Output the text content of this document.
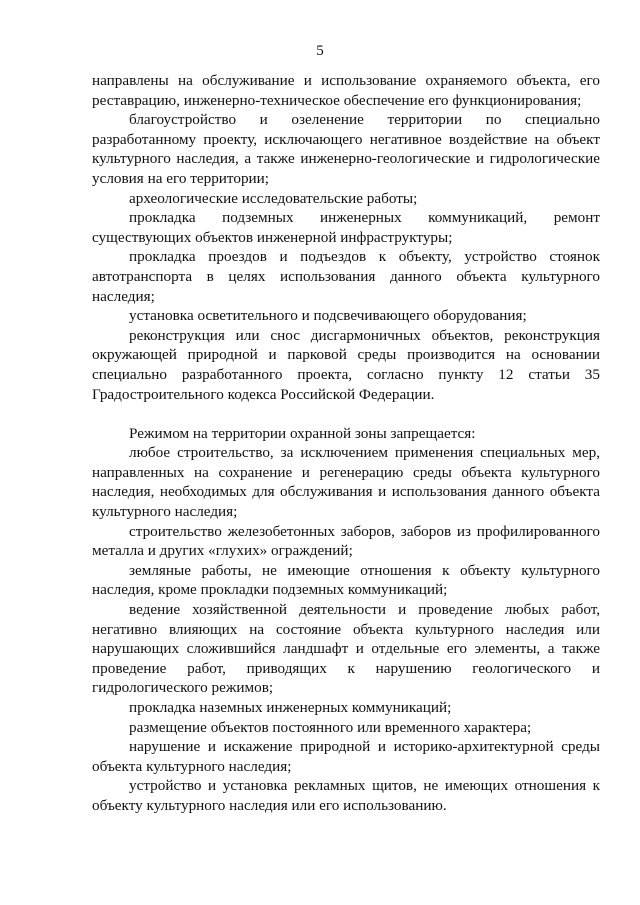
5
направлены на обслуживание и использование охраняемого объекта, его
реставрацию, инженерно-техническое обеспечение его функционирования;
благоустройство и озеленение территории по специально
разработанному проекту, исключающего негативное воздействие на объект
культурного наследия, а также инженерно-геологические и гидрологические
условия на его территории;
археологические исследовательские работы;
прокладка подземных инженерных коммуникаций, ремонт
существующих объектов инженерной инфраструктуры;
прокладка проездов и подъездов к объекту, устройство стоянок
автотранспорта в целях использования данного объекта культурного
наследия;
установка осветительного и подсвечивающего оборудования;
реконструкция или снос дисгармоничных объектов, реконструкция
окружающей природной и парковой среды производится на основании
специально разработанного проекта, согласно пункту 12 статьи 35
Градостроительного кодекса Российской Федерации.
Режимом на территории охранной зоны запрещается:
любое строительство, за исключением применения специальных мер,
направленных на сохранение и регенерацию среды объекта культурного
наследия, необходимых для обслуживания и использования данного объекта
культурного наследия;
строительство железобетонных заборов, заборов из профилированного
металла и других «глухих» ограждений;
земляные работы, не имеющие отношения к объекту культурного
наследия, кроме прокладки подземных коммуникаций;
ведение хозяйственной деятельности и проведение любых работ,
негативно влияющих на состояние объекта культурного наследия или
нарушающих сложившийся ландшафт и отдельные его элементы, а также
проведение работ, приводящих к нарушению геологического и
гидрологического режимов;
прокладка наземных инженерных коммуникаций;
размещение объектов постоянного или временного характера;
нарушение и искажение природной и историко-архитектурной среды
объекта культурного наследия;
устройство и установка рекламных щитов, не имеющих отношения к
объекту культурного наследия или его использованию.
